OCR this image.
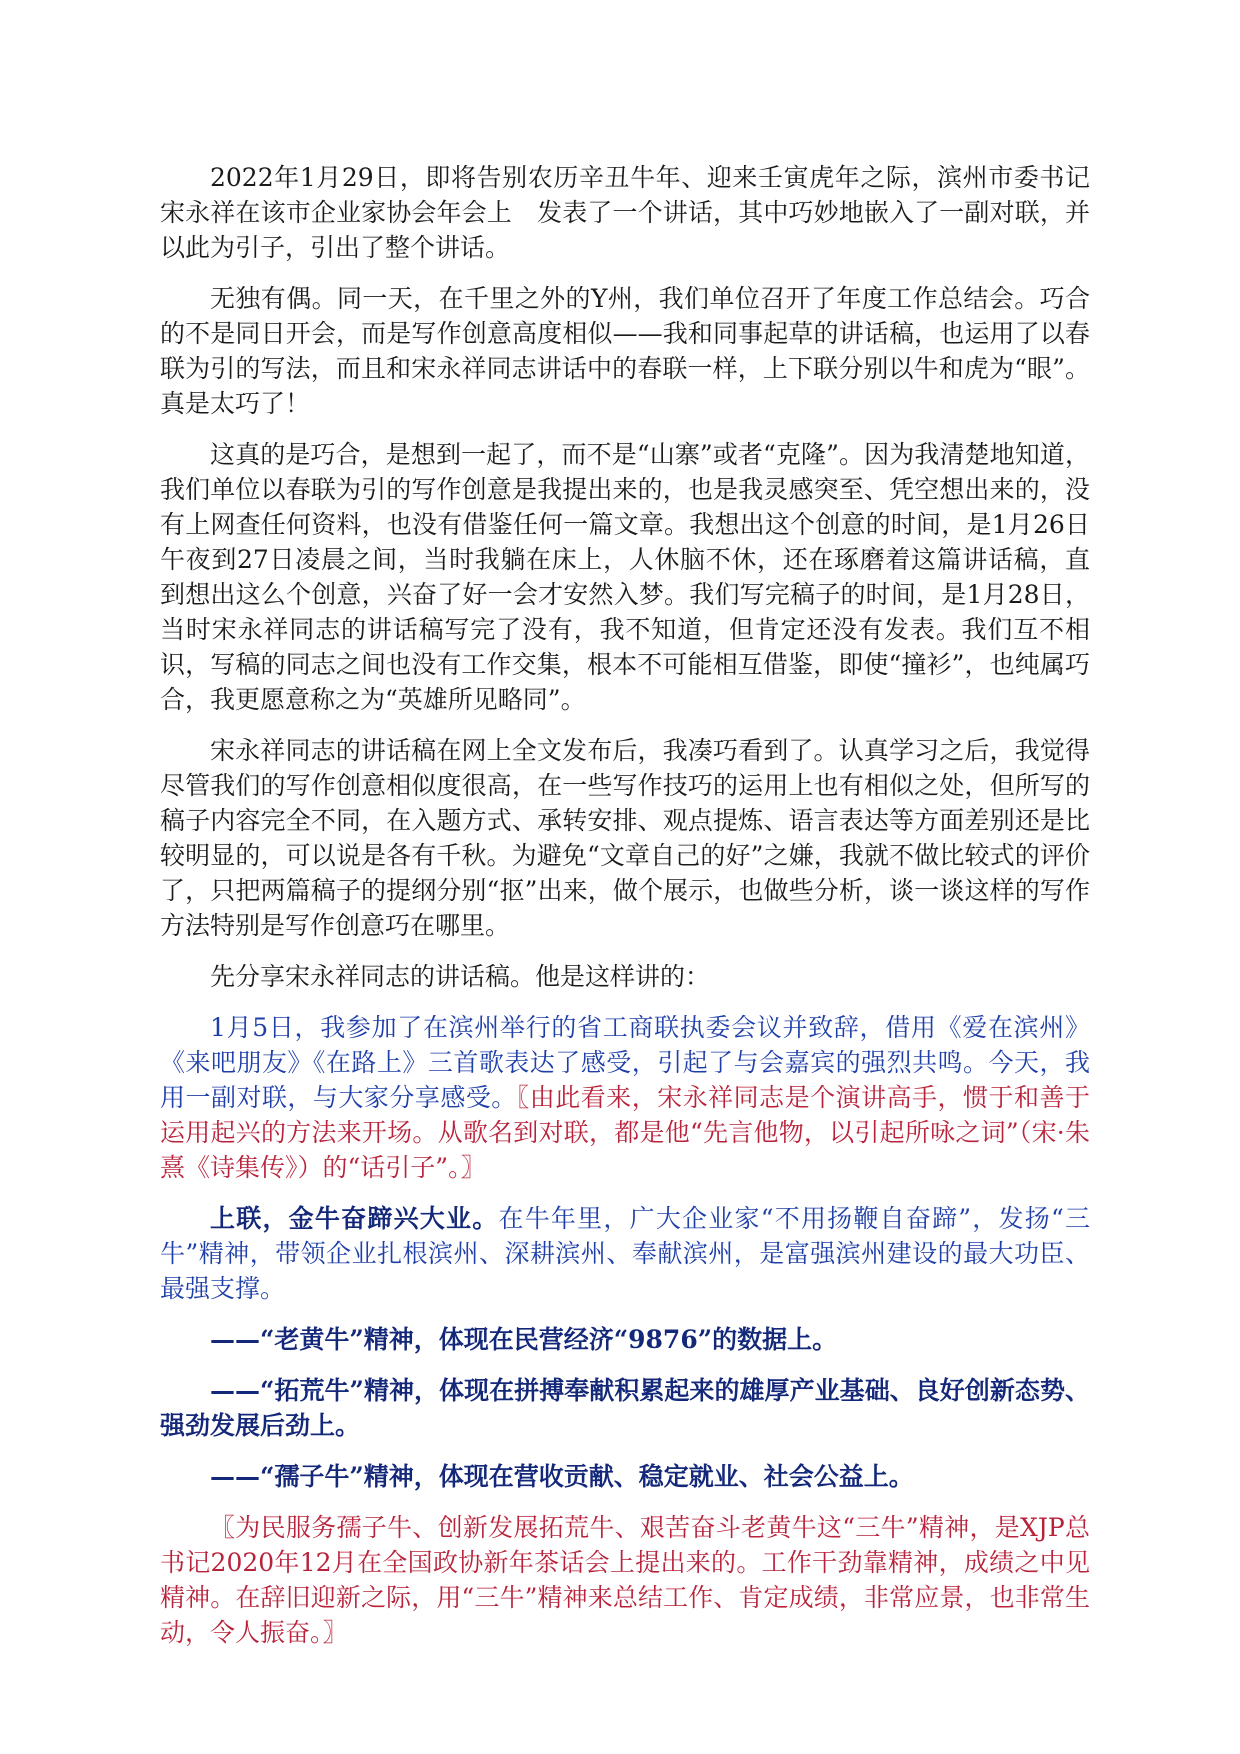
2022年1月29日，即将告别农历辛丑牛年、迎来壬寅虎年之际，滨州市委书记宋永祥在该市企业家协会年会上　发表了一个讲话，其中巧妙地嵌入了一副对联，并以此为引子，引出了整个讲话。

无独有偶。同一天，在千里之外的Y州，我们单位召开了年度工作总结会。巧合的不是同日开会，而是写作创意高度相似——我和同事起草的讲话稿，也运用了以春联为引的写法，而且和宋永祥同志讲话中的春联一样，上下联分别以牛和虎为“眼”。真是太巧了！

这真的是巧合，是想到一起了，而不是“山寨”或者“克隆”。因为我清楚地知道，我们单位以春联为引的写作创意是我提出来的，也是我灵感突至、凭空想出来的，没有上网查任何资料，也没有借鉴任何一篇文章。我想出这个创意的时间，是1月26日午夜到27日凌晨之间，当时我躺在床上，人休脑不休，还在琢磨着这篇讲话稿，直到想出这么个创意，兴奋了好一会才安然入梦。我们写完稿子的时间，是1月28日，当时宋永祥同志的讲话稿写完了没有，我不知道，但肯定还没有发表。我们互不相识，写稿的同志之间也没有工作交集，根本不可能相互借鉴，即使“撞衫”，也纯属巧合，我更愿意称之为“英雄所见略同”。

宋永祥同志的讲话稿在网上全文发布后，我凑巧看到了。认真学习之后，我觉得尽管我们的写作创意相似度很高，在一些写作技巧的运用上也有相似之处，但所写的稿子内容完全不同，在入题方式、承转安排、观点提炼、语言表达等方面差别还是比较明显的，可以说是各有千秋。为避免“文章自己的好”之嫌，我就不做比较式的评价了，只把两篇稿子的提纲分别“抠”出来，做个展示，也做些分析，谈一谈这样的写作方法特别是写作创意巧在哪里。

先分享宋永祥同志的讲话稿。他是这样讲的：

1月5日，我参加了在滨州举行的省工商联执委会议并致辞，借用《爱在滨州》《来吧朋友》《在路上》三首歌表达了感受，引起了与会嘉宾的强烈共鸣。今天，我用一副对联，与大家分享感受。〖由此看来，宋永祥同志是个演讲高手，惯于和善于运用起兴的方法来开场。从歌名到对联，都是他“先言他物，以引起所咏之词”（宋·朱熹《诗集传》）的“话引子”。〗

上联，金牛奋蹄兴大业。在牛年里，广大企业家“不用扬鞭自奋蹄”，发扬“三牛”精神，带领企业扎根滨州、深耕滨州、奉献滨州，是富强滨州建设的最大功臣、最强支撑。

——“老黄牛”精神，体现在民营经济“9876”的数据上。

——“拓荒牛”精神，体现在拼搏奉献积累起来的雄厚产业基础、良好创新态势、强劲发展后劲上。

——“孺子牛”精神，体现在营收贡献、稳定就业、社会公益上。

〖为民服务孺子牛、创新发展拓荒牛、艰苦奋斗老黄牛这“三牛”精神，是XJP总书记2020年12月在全国政协新年茶话会上提出来的。工作干劲靠精神，成绩之中见精神。在辞旧迎新之际，用“三牛”精神来总结工作、肯定成绩，非常应景，也非常生动，令人振奋。〗
